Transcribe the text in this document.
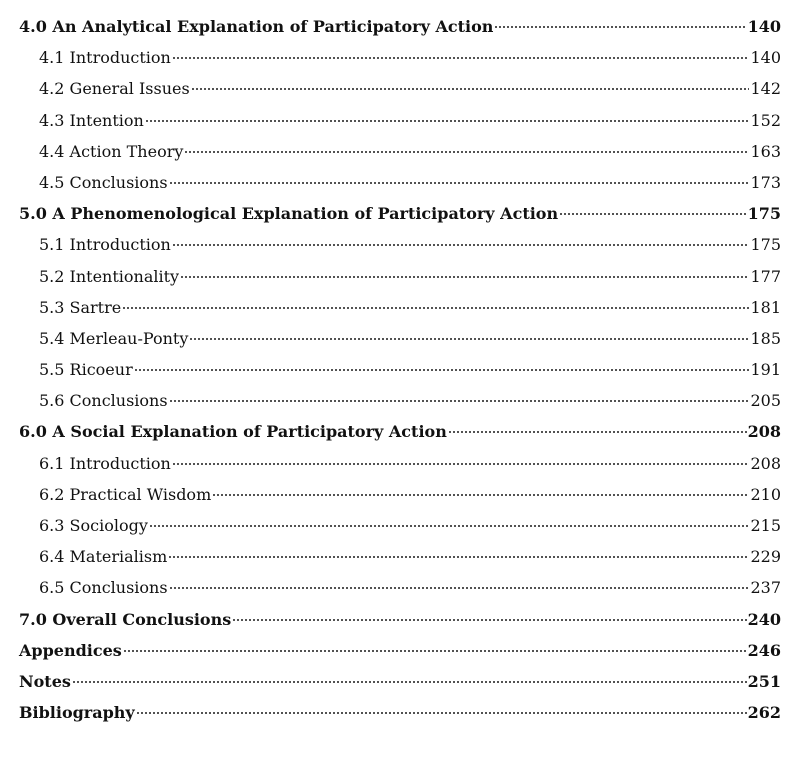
4.0 An Analytical Explanation of Participatory Action	140
4.1 Introduction	140
4.2 General Issues	142
4.3 Intention	152
4.4 Action Theory	163
4.5 Conclusions	173
5.0 A Phenomenological Explanation of Participatory Action	175
5.1 Introduction	175
5.2 Intentionality	177
5.3 Sartre	181
5.4 Merleau-Ponty	185
5.5 Ricoeur	191
5.6 Conclusions	205
6.0 A Social Explanation of Participatory Action	208
6.1 Introduction	208
6.2 Practical Wisdom	210
6.3 Sociology	215
6.4 Materialism	229
6.5 Conclusions	237
7.0 Overall Conclusions	240
Appendices	246
Notes	251
Bibliography	262
